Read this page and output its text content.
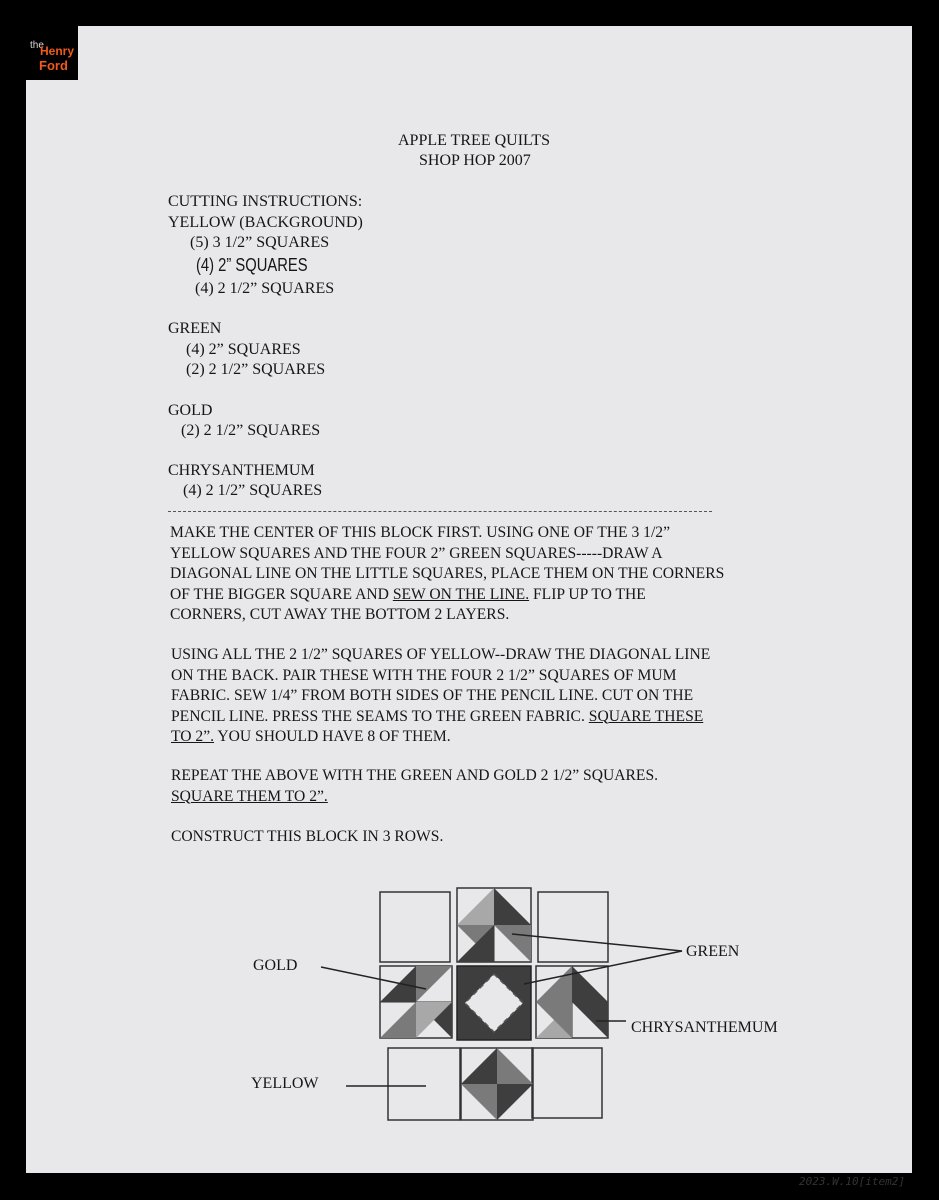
the
Henry
Ford
APPLE TREE QUILTS
SHOP HOP 2007
CUTTING INSTRUCTIONS:
YELLOW (BACKGROUND)
(5) 3 1/2” SQUARES
(4) 2” SQUARES
(4) 2 1/2” SQUARES
GREEN
(4) 2” SQUARES
(2) 2 1/2” SQUARES
GOLD
(2) 2 1/2” SQUARES
CHRYSANTHEMUM
(4) 2 1/2” SQUARES
MAKE THE CENTER OF THIS BLOCK FIRST. USING ONE OF THE 3 1/2”
YELLOW SQUARES AND THE FOUR 2” GREEN SQUARES-----DRAW A
DIAGONAL LINE ON THE LITTLE SQUARES, PLACE THEM ON THE CORNERS
OF THE BIGGER SQUARE AND SEW ON THE LINE. FLIP UP TO THE
CORNERS, CUT AWAY THE BOTTOM 2 LAYERS.
USING ALL THE 2 1/2” SQUARES OF YELLOW--DRAW THE DIAGONAL LINE
ON THE BACK. PAIR THESE WITH THE FOUR 2 1/2” SQUARES OF MUM
FABRIC. SEW 1/4” FROM BOTH SIDES OF THE PENCIL LINE. CUT ON THE
PENCIL LINE. PRESS THE SEAMS TO THE GREEN FABRIC. SQUARE THESE
TO 2”. YOU SHOULD HAVE 8 OF THEM.
REPEAT THE ABOVE WITH THE GREEN AND GOLD 2 1/2” SQUARES.
SQUARE THEM TO 2”.
CONSTRUCT THIS BLOCK IN 3 ROWS.
GOLD
YELLOW
GREEN
CHRYSANTHEMUM
2023.W.10[item2]
